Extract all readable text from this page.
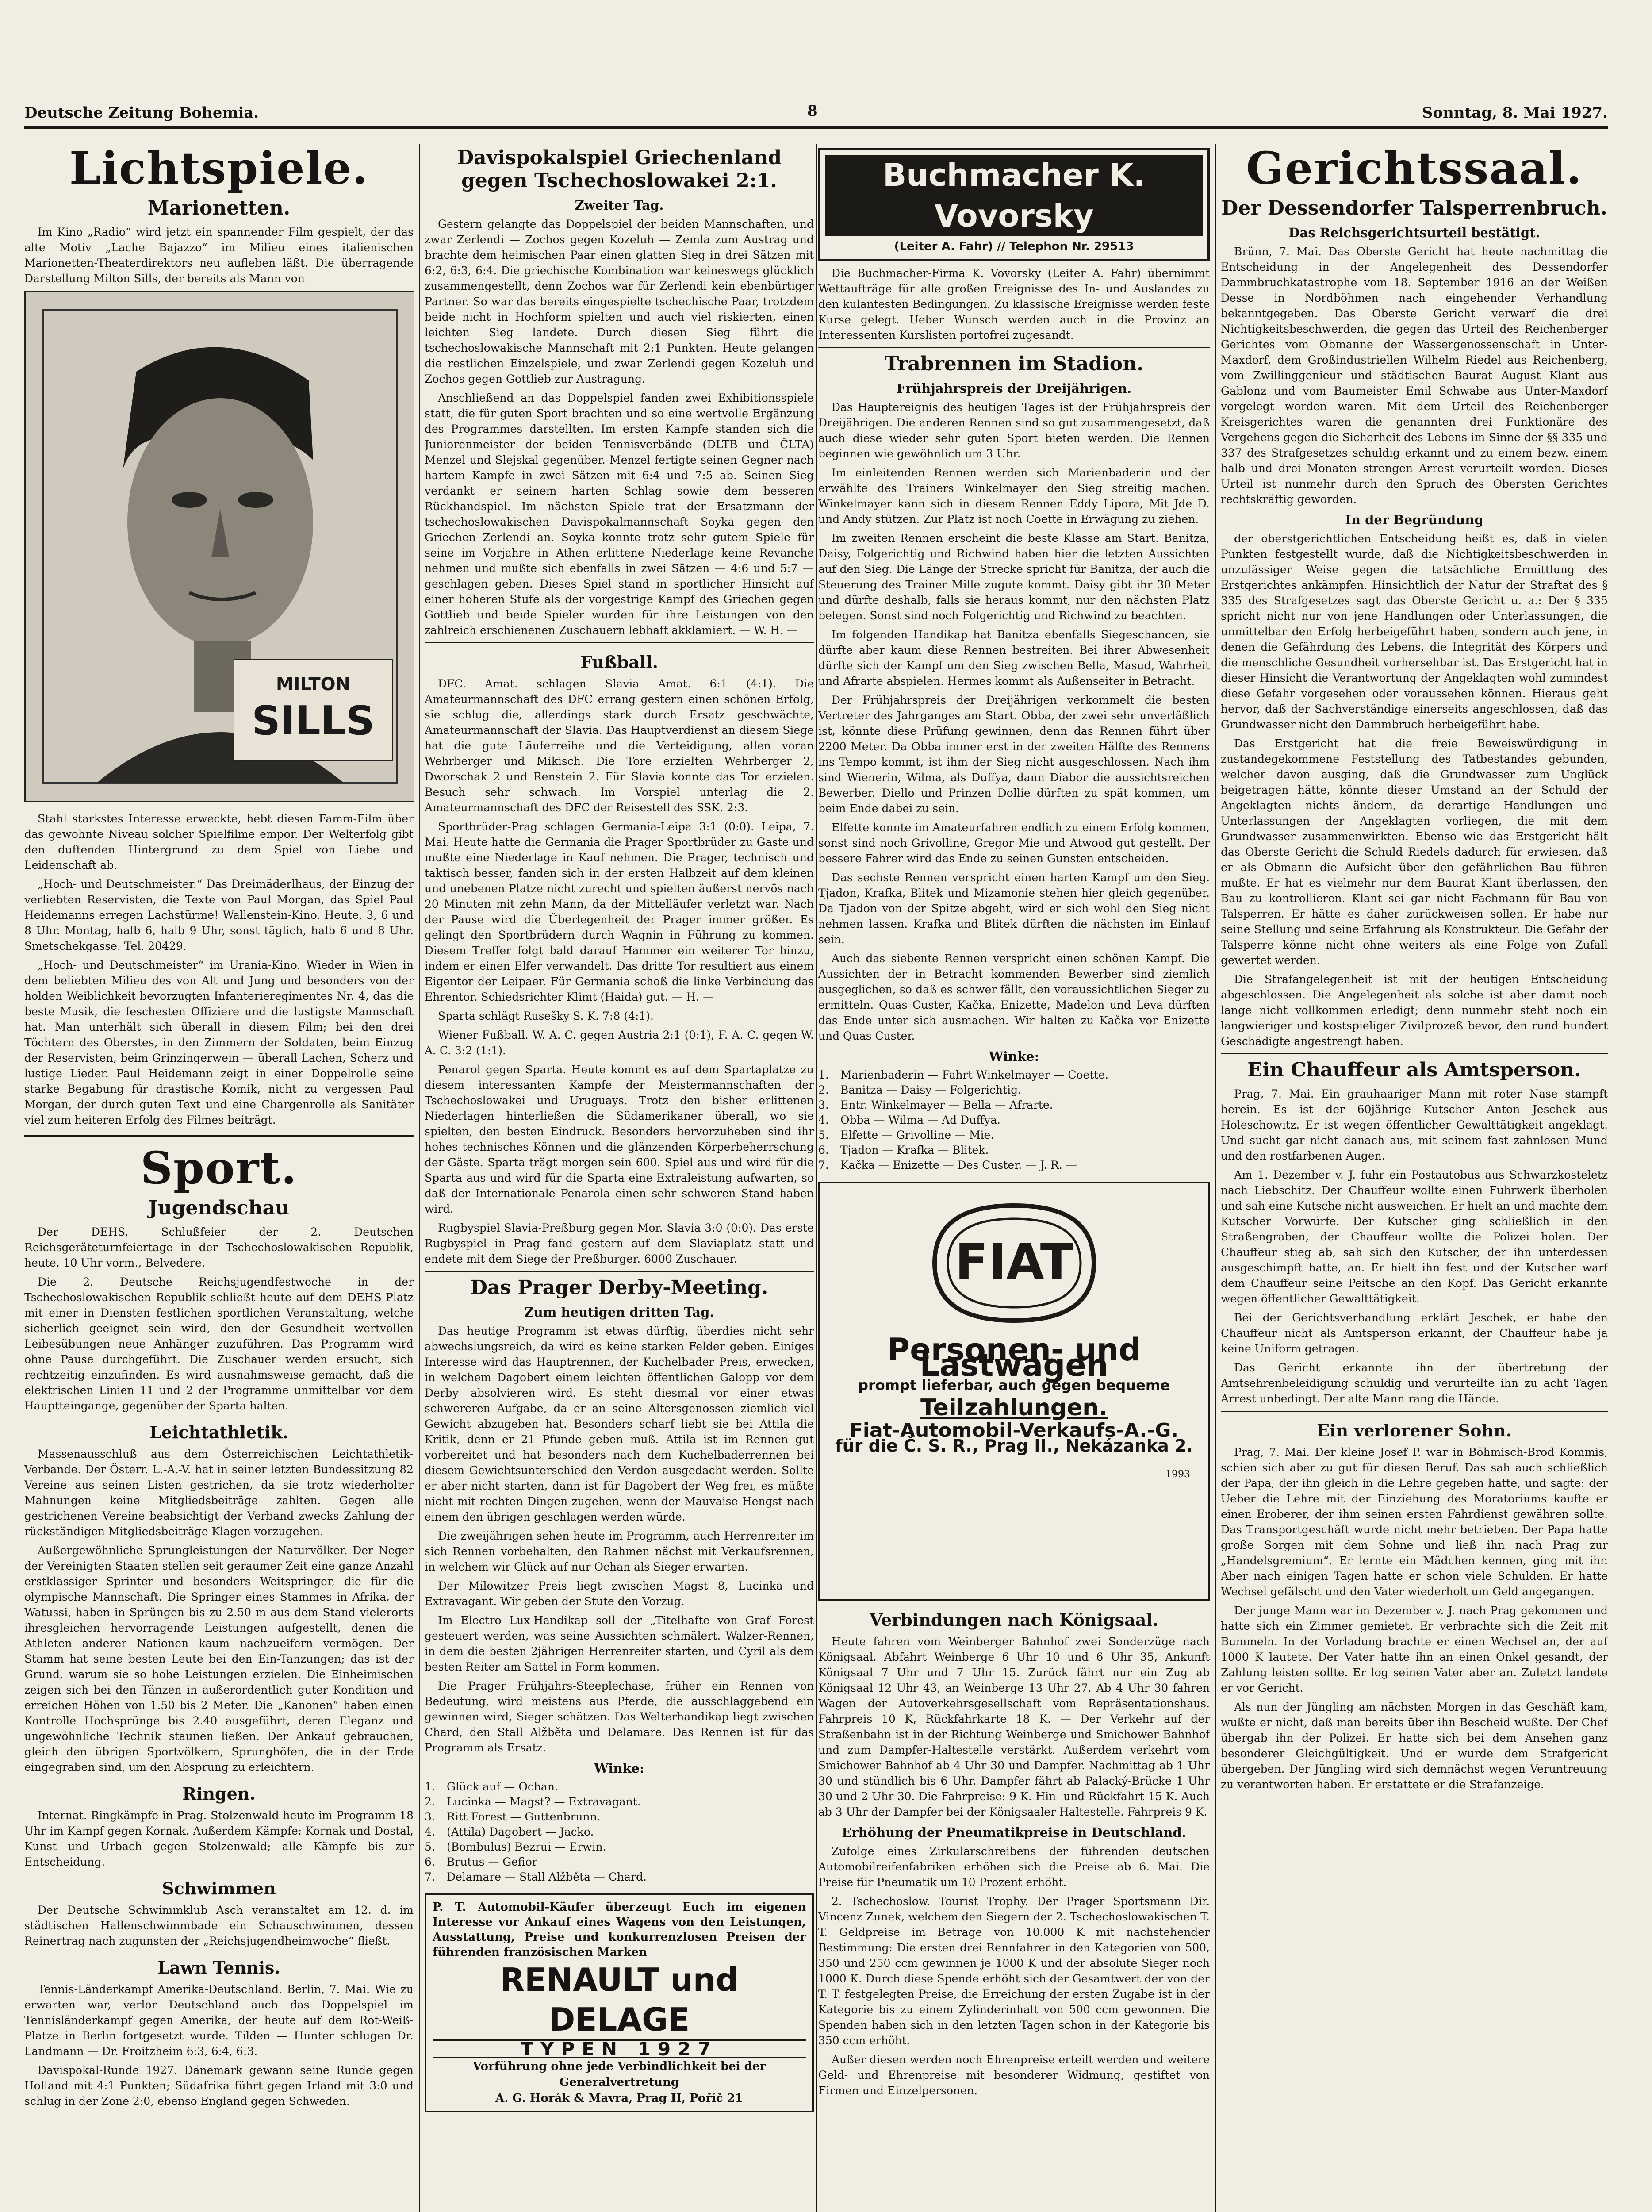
Deutsche Zeitung Bohemia.	8	Sonntag, 8. Mai 1927.
Lichtspiele.
Marionetten.

Im Kino „Radio“ wird jetzt ein spannender Film gespielt, der das alte Motiv „Lache Bajazzo“ im Milieu eines italienischen Marionetten-Theaterdirektors neu aufleben läßt. Die überragende Darstellung Milton Sills, der bereits als Mann von

MILTON
SILLS

Stahl starkstes Interesse erweckte, hebt diesen Famm-Film über das gewohnte Niveau solcher Spielfilme empor. Der Welterfolg gibt den duftenden Hintergrund zu dem Spiel von Liebe und Leidenschaft ab.

„Hoch- und Deutschmeister.“ Das Dreimäderlhaus, der Einzug der verliebten Reservisten, die Texte von Paul Morgan, das Spiel Paul Heidemanns erregen Lachstürme! Wallenstein-Kino. Heute, 3, 6 und 8 Uhr. Montag, halb 6, halb 9 Uhr, sonst täglich, halb 6 und 8 Uhr. Smetschekgasse. Tel. 20429.

„Hoch- und Deutschmeister“ im Urania-Kino. Wieder in Wien in dem beliebten Milieu des von Alt und Jung und besonders von der holden Weiblichkeit bevorzugten Infanterieregimentes Nr. 4, das die beste Musik, die feschesten Offiziere und die lustigste Mannschaft hat. Man unterhält sich überall in diesem Film; bei den drei Töchtern des Oberstes, in den Zimmern der Soldaten, beim Einzug der Reservisten, beim Grinzingerwein — überall Lachen, Scherz und lustige Lieder. Paul Heidemann zeigt in einer Doppelrolle seine starke Begabung für drastische Komik, nicht zu vergessen Paul Morgan, der durch guten Text und eine Chargenrolle als Sanitäter viel zum heiteren Erfolg des Filmes beiträgt.

Sport.
Jugendschau

Der DEHS, Schlußfeier der 2. Deutschen Reichsgeräteturnfeiertage in der Tschechoslowakischen Republik, heute, 10 Uhr vorm., Belvedere.

Die 2. Deutsche Reichsjugendfestwoche in der Tschechoslowakischen Republik schließt heute auf dem DEHS-Platz mit einer in Diensten festlichen sportlichen Veranstaltung, welche sicherlich geeignet sein wird, den der Gesundheit wertvollen Leibesübungen neue Anhänger zuzuführen. Das Programm wird ohne Pause durchgeführt. Die Zuschauer werden ersucht, sich rechtzeitig einzufinden. Es wird ausnahmsweise gemacht, daß die elektrischen Linien 11 und 2 der Programme unmittelbar vor dem Hauptteingange, gegenüber der Sparta halten.

Leichtathletik.

Massenausschluß aus dem Österreichischen Leichtathletik-Verbande. Der Österr. L.-A.-V. hat in seiner letzten Bundessitzung 82 Vereine aus seinen Listen gestrichen, da sie trotz wiederholter Mahnungen keine Mitgliedsbeiträge zahlten. Gegen alle gestrichenen Vereine beabsichtigt der Verband zwecks Zahlung der rückständigen Mitgliedsbeiträge Klagen vorzugehen.

Außergewöhnliche Sprungleistungen der Naturvölker. Der Neger der Vereinigten Staaten stellen seit geraumer Zeit eine ganze Anzahl erstklassiger Sprinter und besonders Weitspringer, die für die olympische Mannschaft. Die Springer eines Stammes in Afrika, der Watussi, haben in Sprüngen bis zu 2.50 m aus dem Stand vielerorts ihresgleichen hervorragende Leistungen aufgestellt, denen die Athleten anderer Nationen kaum nachzueifern vermögen. Der Stamm hat seine besten Leute bei den Ein-Tanzungen; das ist der Grund, warum sie so hohe Leistungen erzielen. Die Einheimischen zeigen sich bei den Tänzen in außerordentlich guter Kondition und erreichen Höhen von 1.50 bis 2 Meter. Die „Kanonen“ haben einen Kontrolle Hochsprünge bis 2.40 ausgeführt, deren Eleganz und ungewöhnliche Technik staunen ließen. Der Ankauf gebrauchen, gleich den übrigen Sportvölkern, Sprunghöfen, die in der Erde eingegraben sind, um den Absprung zu erleichtern.

Ringen.

Internat. Ringkämpfe in Prag. Stolzenwald heute im Programm 18 Uhr im Kampf gegen Kornak. Außerdem Kämpfe: Kornak und Dostal, Kunst und Urbach gegen Stolzenwald; alle Kämpfe bis zur Entscheidung.

Schwimmen

Der Deutsche Schwimmklub Asch veranstaltet am 12. d. im städtischen Hallenschwimmbade ein Schauschwimmen, dessen Reinertrag nach zugunsten der „Reichsjugendheimwoche“ fließt.

Lawn Tennis.

Tennis-Länderkampf Amerika-Deutschland. Berlin, 7. Mai. Wie zu erwarten war, verlor Deutschland auch das Doppelspiel im Tennisländerkampf gegen Amerika, der heute auf dem Rot-Weiß-Platze in Berlin fortgesetzt wurde. Tilden — Hunter schlugen Dr. Landmann — Dr. Froitzheim 6:3, 6:4, 6:3.

Davispokal-Runde 1927. Dänemark gewann seine Runde gegen Holland mit 4:1 Punkten; Südafrika führt gegen Irland mit 3:0 und schlug in der Zone 2:0, ebenso England gegen Schweden.

Davispokalspiel Griechenland gegen Tschechoslowakei 2:1.
Zweiter Tag.

Gestern gelangte das Doppelspiel der beiden Mannschaften, und zwar Zerlendi — Zochos gegen Kozeluh — Zemla zum Austrag und brachte dem heimischen Paar einen glatten Sieg in drei Sätzen mit 6:2, 6:3, 6:4. Die griechische Kombination war keineswegs glücklich zusammengestellt, denn Zochos war für Zerlendi kein ebenbürtiger Partner. So war das bereits eingespielte tschechische Paar, trotzdem beide nicht in Hochform spielten und auch viel riskierten, einen leichten Sieg landete. Durch diesen Sieg führt die tschechoslowakische Mannschaft mit 2:1 Punkten. Heute gelangen die restlichen Einzelspiele, und zwar Zerlendi gegen Kozeluh und Zochos gegen Gottlieb zur Austragung.

Anschließend an das Doppelspiel fanden zwei Exhibitionsspiele statt, die für guten Sport brachten und so eine wertvolle Ergänzung des Programmes darstellten. Im ersten Kampfe standen sich die Juniorenmeister der beiden Tennisverbände (DLTB und ČLTA) Menzel und Slejskal gegenüber. Menzel fertigte seinen Gegner nach hartem Kampfe in zwei Sätzen mit 6:4 und 7:5 ab. Seinen Sieg verdankt er seinem harten Schlag sowie dem besseren Rückhandspiel. Im nächsten Spiele trat der Ersatzmann der tschechoslowakischen Davispokalmannschaft Soyka gegen den Griechen Zerlendi an. Soyka konnte trotz sehr gutem Spiele für seine im Vorjahre in Athen erlittene Niederlage keine Revanche nehmen und mußte sich ebenfalls in zwei Sätzen — 4:6 und 5:7 — geschlagen geben. Dieses Spiel stand in sportlicher Hinsicht auf einer höheren Stufe als der vorgestrige Kampf des Griechen gegen Gottlieb und beide Spieler wurden für ihre Leistungen von den zahlreich erschienenen Zuschauern lebhaft akklamiert. — W. H. —

Fußball.

DFC. Amat. schlagen Slavia Amat. 6:1 (4:1). Die Amateurmannschaft des DFC errang gestern einen schönen Erfolg, sie schlug die, allerdings stark durch Ersatz geschwächte, Amateurmannschaft der Slavia. Das Hauptverdienst an diesem Siege hat die gute Läuferreihe und die Verteidigung, allen voran Wehrberger und Mikisch. Die Tore erzielten Wehrberger 2, Dworschak 2 und Renstein 2. Für Slavia konnte das Tor erzielen. Besuch sehr schwach. Im Vorspiel unterlag die 2. Amateurmannschaft des DFC der Reisestell des SSK. 2:3.

Sportbrüder-Prag schlagen Germania-Leipa 3:1 (0:0). Leipa, 7. Mai. Heute hatte die Germania die Prager Sportbrüder zu Gaste und mußte eine Niederlage in Kauf nehmen. Die Prager, technisch und taktisch besser, fanden sich in der ersten Halbzeit auf dem kleinen und unebenen Platze nicht zurecht und spielten äußerst nervös nach 20 Minuten mit zehn Mann, da der Mittelläufer verletzt war. Nach der Pause wird die Überlegenheit der Prager immer größer. Es gelingt den Sportbrüdern durch Wagnin in Führung zu kommen. Diesem Treffer folgt bald darauf Hammer ein weiterer Tor hinzu, indem er einen Elfer verwandelt. Das dritte Tor resultiert aus einem Eigentor der Leipaer. Für Germania schoß die linke Verbindung das Ehrentor. Schiedsrichter Klimt (Haida) gut. — H. —

Sparta schlägt Rusešky S. K. 7:8 (4:1).

Wiener Fußball. W. A. C. gegen Austria 2:1 (0:1), F. A. C. gegen W. A. C. 3:2 (1:1).

Penarol gegen Sparta. Heute kommt es auf dem Spartaplatze zu diesem interessanten Kampfe der Meistermannschaften der Tschechoslowakei und Uruguays. Trotz den bisher erlittenen Niederlagen hinterließen die Südamerikaner überall, wo sie spielten, den besten Eindruck. Besonders hervorzuheben sind ihr hohes technisches Können und die glänzenden Körperbeherrschung der Gäste. Sparta trägt morgen sein 600. Spiel aus und wird für die Sparta aus und wird für die Sparta eine Extraleistung aufwarten, so daß der Internationale Penarola einen sehr schweren Stand haben wird.

Rugbyspiel Slavia-Preßburg gegen Mor. Slavia 3:0 (0:0). Das erste Rugbyspiel in Prag fand gestern auf dem Slaviaplatz statt und endete mit dem Siege der Preßburger. 6000 Zuschauer.

Das Prager Derby-Meeting.
Zum heutigen dritten Tag.

Das heutige Programm ist etwas dürftig, überdies nicht sehr abwechslungsreich, da wird es keine starken Felder geben. Einiges Interesse wird das Hauptrennen, der Kuchelbader Preis, erwecken, in welchem Dagobert einem leichten öffentlichen Galopp vor dem Derby absolvieren wird. Es steht diesmal vor einer etwas schwereren Aufgabe, da er an seine Altersgenossen ziemlich viel Gewicht abzugeben hat. Besonders scharf liebt sie bei Attila die Kritik, denn er 21 Pfunde geben muß. Attila ist im Rennen gut vorbereitet und hat besonders nach dem Kuchelbaderrennen bei diesem Gewichtsunterschied den Verdon ausgedacht werden. Sollte er aber nicht starten, dann ist für Dagobert der Weg frei, es müßte nicht mit rechten Dingen zugehen, wenn der Mauvaise Hengst nach einem den übrigen geschlagen werden würde.

Die zweijährigen sehen heute im Programm, auch Herrenreiter im sich Rennen vorbehalten, den Rahmen nächst mit Verkaufsrennen, in welchem wir Glück auf nur Ochan als Sieger erwarten.

Der Milowitzer Preis liegt zwischen Magst 8, Lucinka und Extravagant. Wir geben der Stute den Vorzug.

Im Electro Lux-Handikap soll der „Titelhafte von Graf Forest gesteuert werden, was seine Aussichten schmälert. Walzer-Rennen, in dem die besten 2jährigen Herrenreiter starten, und Cyril als dem besten Reiter am Sattel in Form kommen.

Die Prager Frühjahrs-Steeplechase, früher ein Rennen von Bedeutung, wird meistens aus Pferde, die ausschlaggebend ein gewinnen wird, Sieger schätzen. Das Welterhandikap liegt zwischen Chard, den Stall Alžběta und Delamare. Das Rennen ist für das Programm als Ersatz.

Winke:
1.	Glück auf — Ochan.
2.	Lucinka — Magst? — Extravagant.
3.	Ritt Forest — Guttenbrunn.
4.	(Attila) Dagobert — Jacko.
5.	(Bombulus) Bezrui — Erwin.
6.	Brutus — Gefior
7.	Delamare — Stall Alžběta — Chard.
P. T. Automobil-Käufer überzeugt Euch im eigenen Interesse vor Ankauf eines Wagens von den Leistungen, Ausstattung, Preise und konkurrenzlosen Preisen der führenden französischen Marken
RENAULT und DELAGE
TYPEN 1927
Vorführung ohne jede Verbindlichkeit bei der Generalvertretung
A. G. Horák & Mavra, Prag II, Poříč 21
Buchmacher K. Vovorsky
(Leiter A. Fahr) // Telephon Nr. 29513

Die Buchmacher-Firma K. Vovorsky (Leiter A. Fahr) übernimmt Wettaufträge für alle großen Ereignisse des In- und Auslandes zu den kulantesten Bedingungen. Zu klassische Ereignisse werden feste Kurse gelegt. Ueber Wunsch werden auch in die Provinz an Interessenten Kurslisten portofrei zugesandt.

Trabrennen im Stadion.
Frühjahrspreis der Dreijährigen.

Das Hauptereignis des heutigen Tages ist der Frühjahrspreis der Dreijährigen. Die anderen Rennen sind so gut zusammengesetzt, daß auch diese wieder sehr guten Sport bieten werden. Die Rennen beginnen wie gewöhnlich um 3 Uhr.

Im einleitenden Rennen werden sich Marienbaderin und der erwählte des Trainers Winkelmayer den Sieg streitig machen. Winkelmayer kann sich in diesem Rennen Eddy Lipora, Mit Jde D. und Andy stützen. Zur Platz ist noch Coette in Erwägung zu ziehen.

Im zweiten Rennen erscheint die beste Klasse am Start. Banitza, Daisy, Folgerichtig und Richwind haben hier die letzten Aussichten auf den Sieg. Die Länge der Strecke spricht für Banitza, der auch die Steuerung des Trainer Mille zugute kommt. Daisy gibt ihr 30 Meter und dürfte deshalb, falls sie heraus kommt, nur den nächsten Platz belegen. Sonst sind noch Folgerichtig und Richwind zu beachten.

Im folgenden Handikap hat Banitza ebenfalls Siegeschancen, sie dürfte aber kaum diese Rennen bestreiten. Bei ihrer Abwesenheit dürfte sich der Kampf um den Sieg zwischen Bella, Masud, Wahrheit und Afrarte abspielen. Hermes kommt als Außenseiter in Betracht.

Der Frühjahrspreis der Dreijährigen verkommelt die besten Vertreter des Jahrganges am Start. Obba, der zwei sehr unverläßlich ist, könnte diese Prüfung gewinnen, denn das Rennen führt über 2200 Meter. Da Obba immer erst in der zweiten Hälfte des Rennens ins Tempo kommt, ist ihm der Sieg nicht ausgeschlossen. Nach ihm sind Wienerin, Wilma, als Duffya, dann Diabor die aussichtsreichen Bewerber. Diello und Prinzen Dollie dürften zu spät kommen, um beim Ende dabei zu sein.

Elfette konnte im Amateurfahren endlich zu einem Erfolg kommen, sonst sind noch Grivolline, Gregor Mie und Atwood gut gestellt. Der bessere Fahrer wird das Ende zu seinen Gunsten entscheiden.

Das sechste Rennen verspricht einen harten Kampf um den Sieg. Tjadon, Krafka, Blitek und Mizamonie stehen hier gleich gegenüber. Da Tjadon von der Spitze abgeht, wird er sich wohl den Sieg nicht nehmen lassen. Krafka und Blitek dürften die nächsten im Einlauf sein.

Auch das siebente Rennen verspricht einen schönen Kampf. Die Aussichten der in Betracht kommenden Bewerber sind ziemlich ausgeglichen, so daß es schwer fällt, den voraussichtlichen Sieger zu ermitteln. Quas Custer, Kačka, Enizette, Madelon und Leva dürften das Ende unter sich ausmachen. Wir halten zu Kačka vor Enizette und Quas Custer.

Winke:
1.	Marienbaderin — Fahrt Winkelmayer — Coette.
2.	Banitza — Daisy — Folgerichtig.
3.	Entr. Winkelmayer — Bella — Afrarte.
4.	Obba — Wilma — Ad Duffya.
5.	Elfette — Grivolline — Mie.
6.	Tjadon — Krafka — Blitek.
7.	Kačka — Enizette — Des Custer. — J. R. —
FIAT
Personen- und Lastwagen
prompt lieferbar, auch gegen bequeme
Teilzahlungen.
1993
Fiat-Automobil-Verkaufs-A.-G.
für die Č. S. R., Prag II., Nekázanka 2.
Verbindungen nach Königsaal.

Heute fahren vom Weinberger Bahnhof zwei Sonderzüge nach Königsaal. Abfahrt Weinberge 6 Uhr 10 und 6 Uhr 35, Ankunft Königsaal 7 Uhr und 7 Uhr 15. Zurück fährt nur ein Zug ab Königsaal 12 Uhr 43, an Weinberge 13 Uhr 27. Ab 4 Uhr 30 fahren Wagen der Autoverkehrsgesellschaft vom Repräsentationshaus. Fahrpreis 10 K, Rückfahrkarte 18 K. — Der Verkehr auf der Straßenbahn ist in der Richtung Weinberge und Smichower Bahnhof und zum Dampfer-Haltestelle verstärkt. Außerdem verkehrt vom Smichower Bahnhof ab 4 Uhr 30 und Dampfer. Nachmittag ab 1 Uhr 30 und stündlich bis 6 Uhr. Dampfer fährt ab Palacký-Brücke 1 Uhr 30 und 2 Uhr 30. Die Fahrpreise: 9 K. Hin- und Rückfahrt 15 K. Auch ab 3 Uhr der Dampfer bei der Königsaaler Haltestelle. Fahrpreis 9 K.

Erhöhung der Pneumatikpreise in Deutschland.

Zufolge eines Zirkularschreibens der führenden deutschen Automobilreifenfabriken erhöhen sich die Preise ab 6. Mai. Die Preise für Pneumatik um 10 Prozent erhöht.

2. Tschechoslow. Tourist Trophy. Der Prager Sportsmann Dir. Vincenz Zunek, welchem den Siegern der 2. Tschechoslowakischen T. T. Geldpreise im Betrage von 10.000 K mit nachstehender Bestimmung: Die ersten drei Rennfahrer in den Kategorien von 500, 350 und 250 ccm gewinnen je 1000 K und der absolute Sieger noch 1000 K. Durch diese Spende erhöht sich der Gesamtwert der von der T. T. festgelegten Preise, die Erreichung der ersten Zugabe ist in der Kategorie bis zu einem Zylinderinhalt von 500 ccm gewonnen. Die Spenden haben sich in den letzten Tagen schon in der Kategorie bis 350 ccm erhöht.

Außer diesen werden noch Ehrenpreise erteilt werden und weitere Geld- und Ehrenpreise mit besonderer Widmung, gestiftet von Firmen und Einzelpersonen.

Gerichtssaal.
Der Dessendorfer Talsperrenbruch.
Das Reichsgerichtsurteil bestätigt.

Brünn, 7. Mai. Das Oberste Gericht hat heute nachmittag die Entscheidung in der Angelegenheit des Dessendorfer Dammbruchkatastrophe vom 18. September 1916 an der Weißen Desse in Nordböhmen nach eingehender Verhandlung bekanntgegeben. Das Oberste Gericht verwarf die drei Nichtigkeitsbeschwerden, die gegen das Urteil des Reichenberger Gerichtes vom Obmanne der Wassergenossenschaft in Unter-Maxdorf, dem Großindustriellen Wilhelm Riedel aus Reichenberg, vom Zwillinggenieur und städtischen Baurat August Klant aus Gablonz und vom Baumeister Emil Schwabe aus Unter-Maxdorf vorgelegt worden waren. Mit dem Urteil des Reichenberger Kreisgerichtes waren die genannten drei Funktionäre des Vergehens gegen die Sicherheit des Lebens im Sinne der §§ 335 und 337 des Strafgesetzes schuldig erkannt und zu einem bezw. einem halb und drei Monaten strengen Arrest verurteilt worden. Dieses Urteil ist nunmehr durch den Spruch des Obersten Gerichtes rechtskräftig geworden.

In der Begründung

der oberstgerichtlichen Entscheidung heißt es, daß in vielen Punkten festgestellt wurde, daß die Nichtigkeitsbeschwerden in unzulässiger Weise gegen die tatsächliche Ermittlung des Erstgerichtes ankämpfen. Hinsichtlich der Natur der Straftat des § 335 des Strafgesetzes sagt das Oberste Gericht u. a.: Der § 335 spricht nicht nur von jene Handlungen oder Unterlassungen, die unmittelbar den Erfolg herbeigeführt haben, sondern auch jene, in denen die Gefährdung des Lebens, die Integrität des Körpers und die menschliche Gesundheit vorhersehbar ist. Das Erstgericht hat in dieser Hinsicht die Verantwortung der Angeklagten wohl zumindest diese Gefahr vorgesehen oder voraussehen können. Hieraus geht hervor, daß der Sachverständige einerseits angeschlossen, daß das Grundwasser nicht den Dammbruch herbeigeführt habe.

Das Erstgericht hat die freie Beweiswürdigung in zustandegekommene Feststellung des Tatbestandes gebunden, welcher davon ausging, daß die Grundwasser zum Unglück beigetragen hätte, könnte dieser Umstand an der Schuld der Angeklagten nichts ändern, da derartige Handlungen und Unterlassungen der Angeklagten vorliegen, die mit dem Grundwasser zusammenwirkten. Ebenso wie das Erstgericht hält das Oberste Gericht die Schuld Riedels dadurch für erwiesen, daß er als Obmann die Aufsicht über den gefährlichen Bau führen mußte. Er hat es vielmehr nur dem Baurat Klant überlassen, den Bau zu kontrollieren. Klant sei gar nicht Fachmann für Bau von Talsperren. Er hätte es daher zurückweisen sollen. Er habe nur seine Stellung und seine Erfahrung als Konstrukteur. Die Gefahr der Talsperre könne nicht ohne weiters als eine Folge von Zufall gewertet werden.

Die Strafangelegenheit ist mit der heutigen Entscheidung abgeschlossen. Die Angelegenheit als solche ist aber damit noch lange nicht vollkommen erledigt; denn nunmehr steht noch ein langwieriger und kostspieliger Zivilprozeß bevor, den rund hundert Geschädigte angestrengt haben.

Ein Chauffeur als Amtsperson.

Prag, 7. Mai. Ein grauhaariger Mann mit roter Nase stampft herein. Es ist der 60jährige Kutscher Anton Jeschek aus Holeschowitz. Er ist wegen öffentlicher Gewalttätigkeit angeklagt. Und sucht gar nicht danach aus, mit seinem fast zahnlosen Mund und den rostfarbenen Augen.

Am 1. Dezember v. J. fuhr ein Postautobus aus Schwarzkosteletz nach Liebschitz. Der Chauffeur wollte einen Fuhrwerk überholen und sah eine Kutsche nicht ausweichen. Er hielt an und machte dem Kutscher Vorwürfe. Der Kutscher ging schließlich in den Straßengraben, der Chauffeur wollte die Polizei holen. Der Chauffeur stieg ab, sah sich den Kutscher, der ihn unterdessen ausgeschimpft hatte, an. Er hielt ihn fest und der Kutscher warf dem Chauffeur seine Peitsche an den Kopf. Das Gericht erkannte wegen öffentlicher Gewalttätigkeit.

Bei der Gerichtsverhandlung erklärt Jeschek, er habe den Chauffeur nicht als Amtsperson erkannt, der Chauffeur habe ja keine Uniform getragen.

Das Gericht erkannte ihn der übertretung der Amtsehrenbeleidigung schuldig und verurteilte ihn zu acht Tagen Arrest unbedingt. Der alte Mann rang die Hände.

Ein verlorener Sohn.

Prag, 7. Mai. Der kleine Josef P. war in Böhmisch-Brod Kommis, schien sich aber zu gut für diesen Beruf. Das sah auch schließlich der Papa, der ihn gleich in die Lehre gegeben hatte, und sagte: der Ueber die Lehre mit der Einziehung des Moratoriums kaufte er einen Eroberer, der ihm seinen ersten Fahrdienst gewähren sollte. Das Transportgeschäft wurde nicht mehr betrieben. Der Papa hatte große Sorgen mit dem Sohne und ließ ihn nach Prag zur „Handelsgremium“. Er lernte ein Mädchen kennen, ging mit ihr. Aber nach einigen Tagen hatte er schon viele Schulden. Er hatte Wechsel gefälscht und den Vater wiederholt um Geld angegangen.

Der junge Mann war im Dezember v. J. nach Prag gekommen und hatte sich ein Zimmer gemietet. Er verbrachte sich die Zeit mit Bummeln. In der Vorladung brachte er einen Wechsel an, der auf 1000 K lautete. Der Vater hatte ihn an einen Onkel gesandt, der Zahlung leisten sollte. Er log seinen Vater aber an. Zuletzt landete er vor Gericht.

Als nun der Jüngling am nächsten Morgen in das Geschäft kam, wußte er nicht, daß man bereits über ihn Bescheid wußte. Der Chef übergab ihn der Polizei. Er hatte sich bei dem Ansehen ganz besonderer Gleichgültigkeit. Und er wurde dem Strafgericht übergeben. Der Jüngling wird sich demnächst wegen Veruntreuung zu verantworten haben. Er erstattete er die Strafanzeige.
